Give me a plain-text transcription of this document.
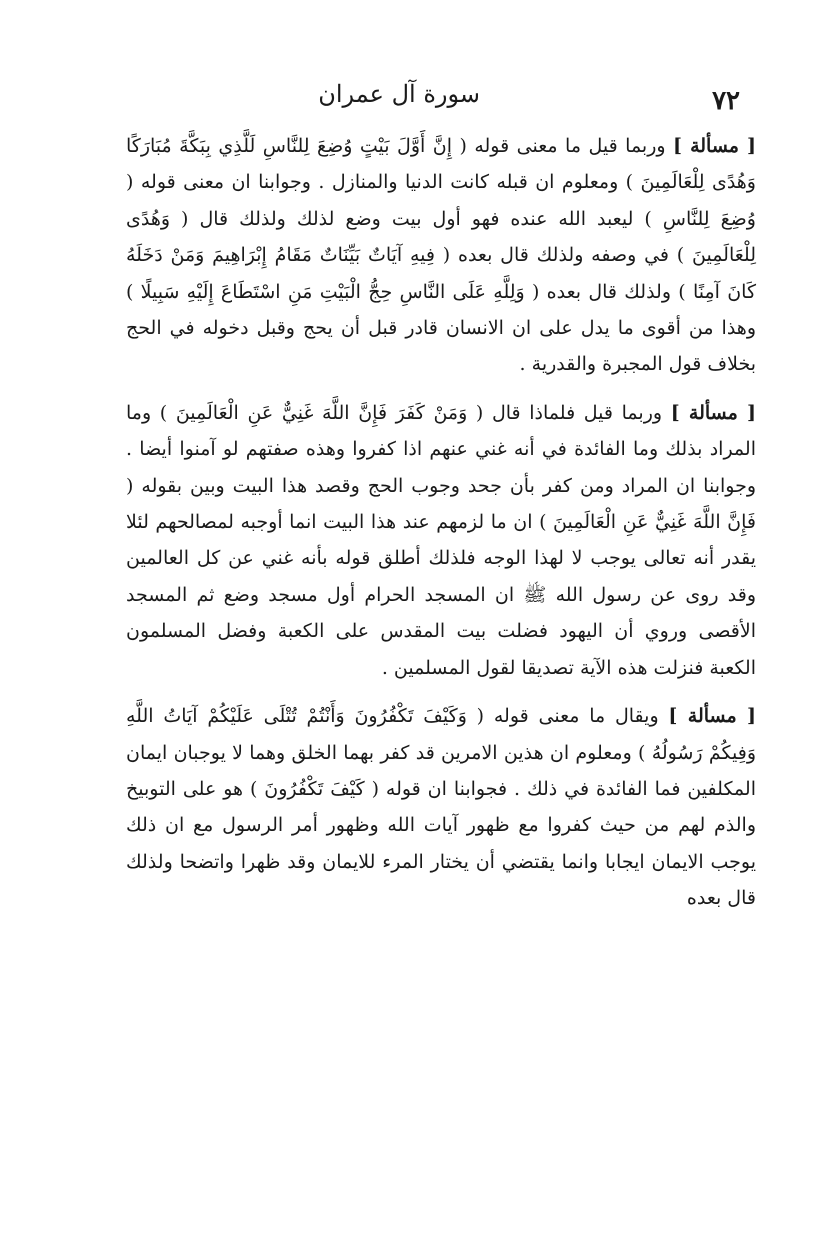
٧٢
سورة آل عمران

[ مسألة ] وربما قيل ما معنى قوله ( إِنَّ أَوَّلَ بَيْتٍ وُضِعَ لِلنَّاسِ لَلَّذِي بِبَكَّةَ مُبَارَكًا وَهُدًى لِلْعَالَمِينَ ) ومعلوم ان قبله كانت الدنيا والمنازل . وجوابنا ان معنى قوله ( وُضِعَ لِلنَّاسِ ) ليعبد الله عنده فهو أول بيت وضع لذلك ولذلك قال ( وَهُدًى لِلْعَالَمِينَ ) في وصفه ولذلك قال بعده ( فِيهِ آيَاتٌ بَيِّنَاتٌ مَقَامُ إِبْرَاهِيمَ وَمَنْ دَخَلَهُ كَانَ آمِنًا ) ولذلك قال بعده ( وَلِلَّهِ عَلَى النَّاسِ حِجُّ الْبَيْتِ مَنِ اسْتَطَاعَ إِلَيْهِ سَبِيلًا ) وهذا من أقوى ما يدل على ان الانسان قادر قبل أن يحج وقبل دخوله في الحج بخلاف قول المجبرة والقدرية .

[ مسألة ] وربما قيل فلماذا قال ( وَمَنْ كَفَرَ فَإِنَّ اللَّهَ غَنِيٌّ عَنِ الْعَالَمِينَ ) وما المراد بذلك وما الفائدة في أنه غني عنهم اذا كفروا وهذه صفتهم لو آمنوا أيضا . وجوابنا ان المراد ومن كفر بأن جحد وجوب الحج وقصد هذا البيت وبين بقوله ( فَإِنَّ اللَّهَ غَنِيٌّ عَنِ الْعَالَمِينَ ) ان ما لزمهم عند هذا البيت انما أوجبه لمصالحهم لئلا يقدر أنه تعالى يوجب لا لهذا الوجه فلذلك أطلق قوله بأنه غني عن كل العالمين وقد روى عن رسول الله ﷺ ان المسجد الحرام أول مسجد وضع ثم المسجد الأقصى وروي أن اليهود فضلت بيت المقدس على الكعبة وفضل المسلمون الكعبة فنزلت هذه الآية تصديقا لقول المسلمين .

[ مسألة ] ويقال ما معنى قوله ( وَكَيْفَ تَكْفُرُونَ وَأَنْتُمْ تُتْلَى عَلَيْكُمْ آيَاتُ اللَّهِ وَفِيكُمْ رَسُولُهُ ) ومعلوم ان هذين الامرين قد كفر بهما الخلق وهما لا يوجبان ايمان المكلفين فما الفائدة في ذلك . فجوابنا ان قوله ( كَيْفَ تَكْفُرُونَ ) هو على التوبيخ والذم لهم من حيث كفروا مع ظهور آيات الله وظهور أمر الرسول مع ان ذلك يوجب الايمان ايجابا وانما يقتضي أن يختار المرء للايمان وقد ظهرا واتضحا ولذلك قال بعده
